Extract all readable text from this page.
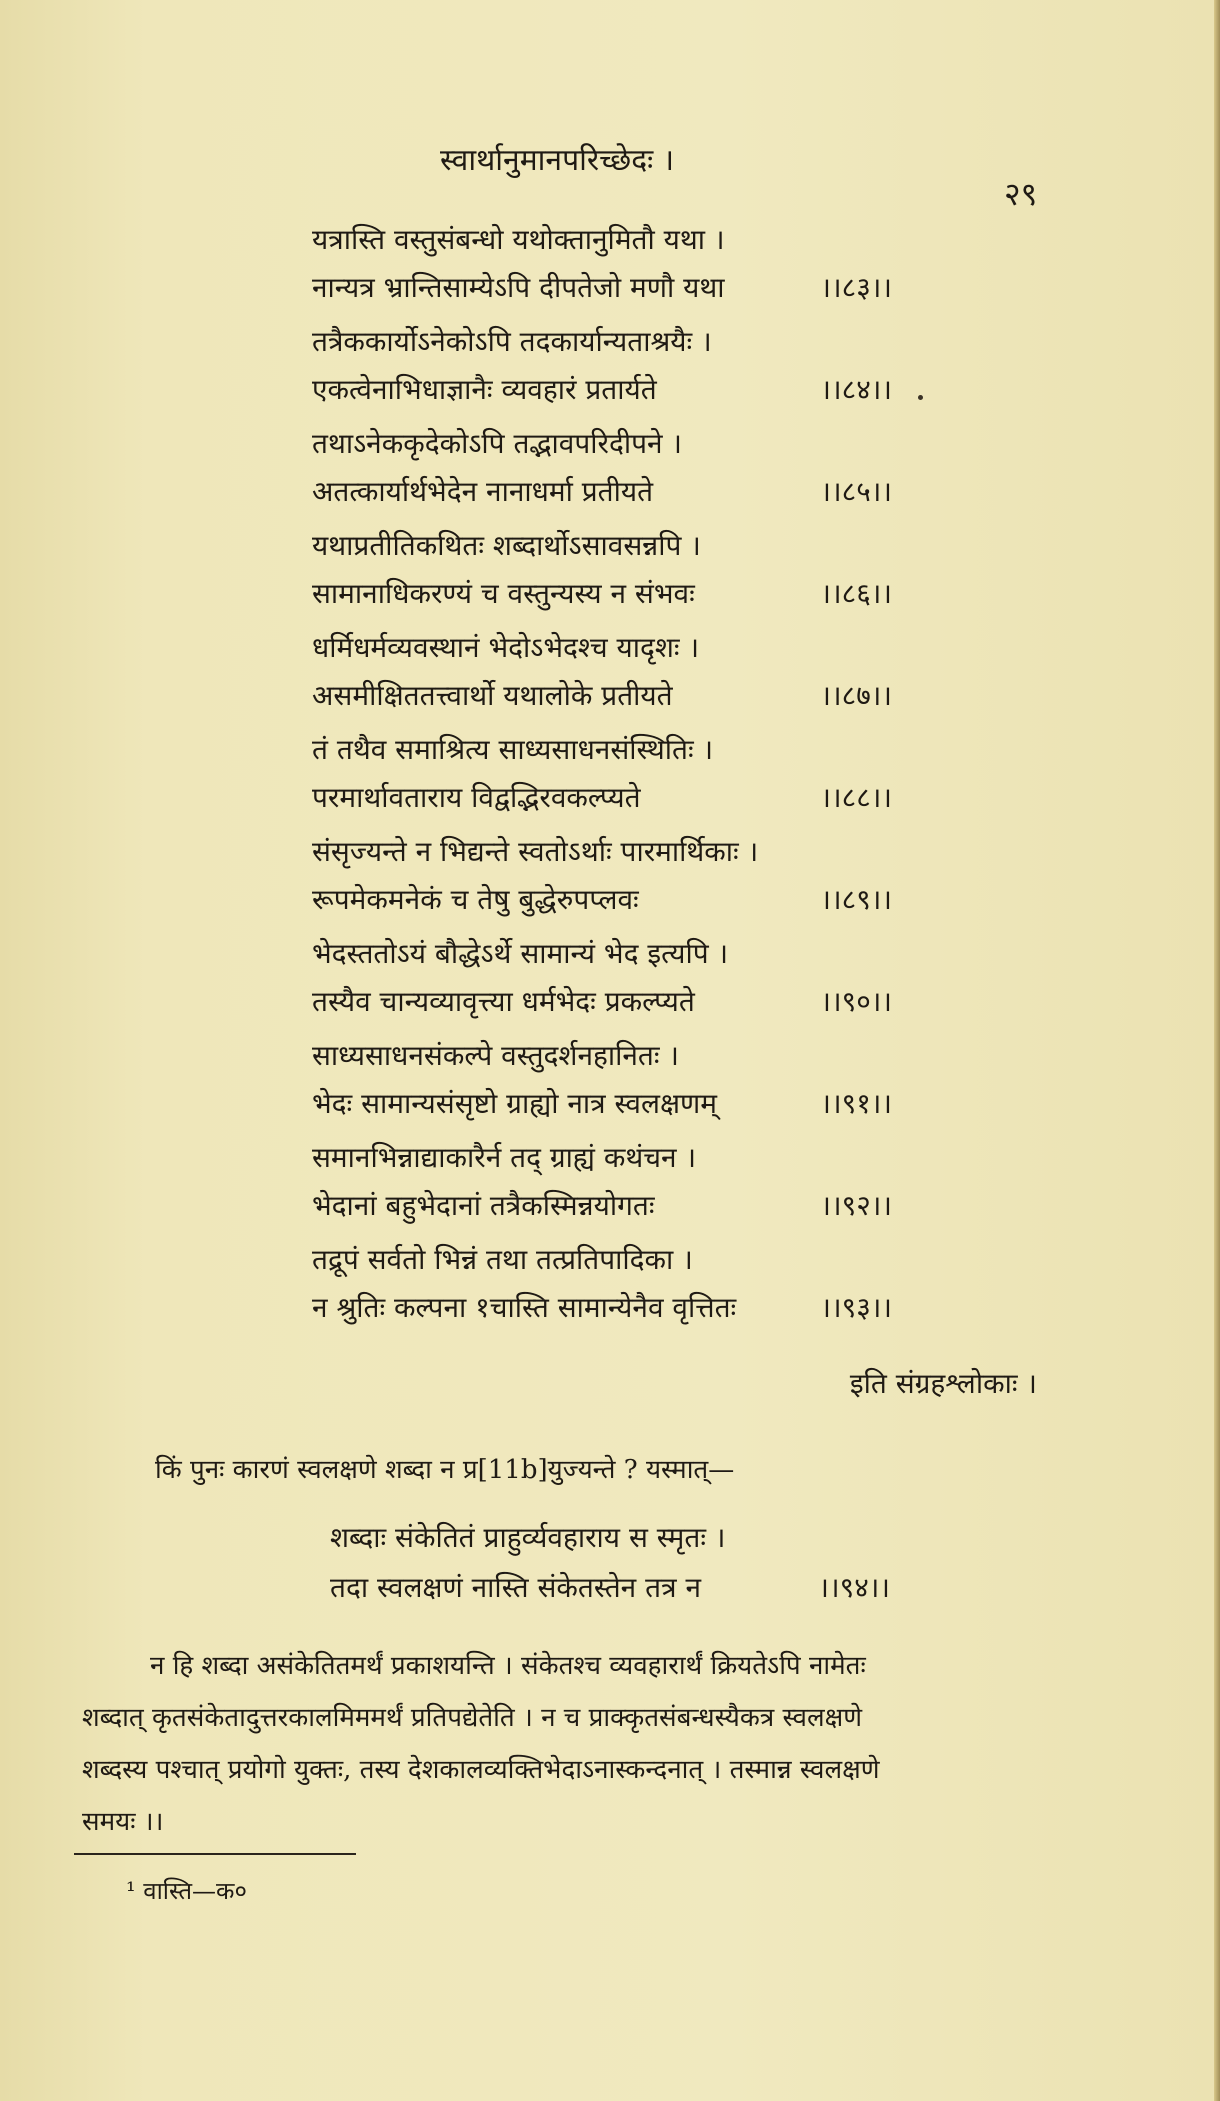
स्वार्थानुमानपरिच्छेदः ।
२९
यत्रास्ति वस्तुसंबन्धो यथोक्तानुमितौ यथा ।
नान्यत्र भ्रान्तिसाम्येऽपि दीपतेजो मणौ यथा	।।८३।।
तत्रैककार्योऽनेकोऽपि तदकार्यान्यताश्रयैः ।
एकत्वेनाभिधाज्ञानैः व्यवहारं प्रतार्यते	।।८४।।
तथाऽनेककृदेकोऽपि तद्भावपरिदीपने ।
अतत्कार्यार्थभेदेन नानाधर्मा प्रतीयते	।।८५।।
यथाप्रतीतिकथितः शब्दार्थोऽसावसन्नपि ।
सामानाधिकरण्यं च वस्तुन्यस्य न संभवः	।।८६।।
धर्मिधर्मव्यवस्थानं भेदोऽभेदश्च यादृशः ।
असमीक्षिततत्त्वार्थो यथालोके प्रतीयते	।।८७।।
तं तथैव समाश्रित्य साध्यसाधनसंस्थितिः ।
परमार्थावताराय विद्वद्भिरवकल्प्यते	।।८८।।
संसृज्यन्ते न भिद्यन्ते स्वतोऽर्थाः पारमार्थिकाः ।
रूपमेकमनेकं च तेषु बुद्धेरुपप्लवः	।।८९।।
भेदस्ततोऽयं बौद्धेऽर्थे सामान्यं भेद इत्यपि ।
तस्यैव चान्यव्यावृत्त्या धर्मभेदः प्रकल्प्यते	।।९०।।
साध्यसाधनसंकल्पे वस्तुदर्शनहानितः ।
भेदः सामान्यसंसृष्टो ग्राह्यो नात्र स्वलक्षणम्	।।९१।।
समानभिन्नाद्याकारैर्न तद् ग्राह्यं कथंचन ।
भेदानां बहुभेदानां तत्रैकस्मिन्नयोगतः	।।९२।।
तद्रूपं सर्वतो भिन्नं तथा तत्प्रतिपादिका ।
न श्रुतिः कल्पना १चास्ति सामान्येनैव वृत्तितः	।।९३।।
इति संग्रहश्लोकाः ।
किं पुनः कारणं स्वलक्षणे शब्दा न प्र[11b]युज्यन्ते ? यस्मात्—
शब्दाः संकेतितं प्राहुर्व्यवहाराय स स्मृतः ।
तदा स्वलक्षणं नास्ति संकेतस्तेन तत्र न	।।९४।।
न हि शब्दा असंकेतितमर्थं प्रकाशयन्ति । संकेतश्च व्यवहारार्थं क्रियतेऽपि नामेतः
शब्दात् कृतसंकेतादुत्तरकालमिममर्थं प्रतिपद्येतेति । न च प्राक्कृतसंबन्धस्यैकत्र स्वलक्षणे
शब्दस्य पश्चात् प्रयोगो युक्तः, तस्य देशकालव्यक्तिभेदाऽनास्कन्दनात् । तस्मान्न स्वलक्षणे
समयः ।।
¹ वास्ति—क०
